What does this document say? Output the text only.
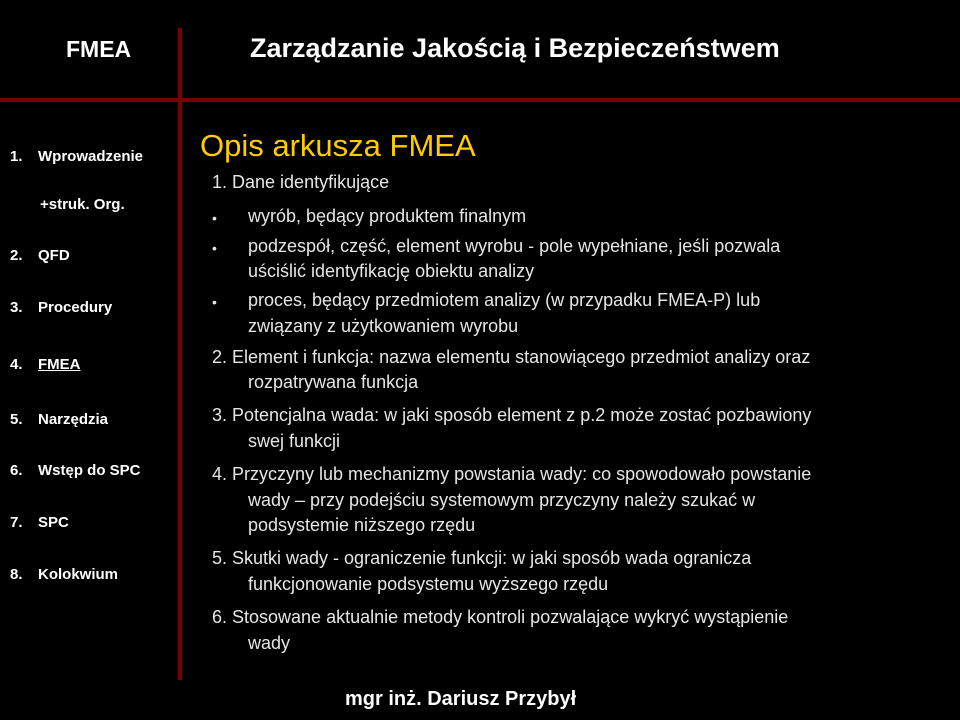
FMEA	Zarządzanie Jakością i Bezpieczeństwem
1. Wprowadzenie
+struk. Org.
2. QFD
3. Procedury
4. FMEA
5. Narzędzia
6. Wstęp do SPC
7. SPC
8. Kolokwium
Opis arkusza FMEA
1. Dane identyfikujące
• wyrób, będący produktem finalnym
• podzespół, część, element wyrobu - pole wypełniane, jeśli pozwala
uściślić identyfikację obiektu analizy
• proces, będący przedmiotem analizy (w przypadku FMEA-P) lub
związany z użytkowaniem wyrobu
2. Element i funkcja: nazwa elementu stanowiącego przedmiot analizy oraz
rozpatrywana funkcja
3. Potencjalna wada: w jaki sposób element z p.2 może zostać pozbawiony
swej funkcji
4. Przyczyny lub mechanizmy powstania wady: co spowodowało powstanie
wady – przy podejściu systemowym przyczyny należy szukać w
podsystemie niższego rzędu
5. Skutki wady - ograniczenie funkcji: w jaki sposób wada ogranicza
funkcjonowanie podsystemu wyższego rzędu
6. Stosowane aktualnie metody kontroli pozwalające wykryć wystąpienie
wady
mgr inż. Dariusz Przybył
